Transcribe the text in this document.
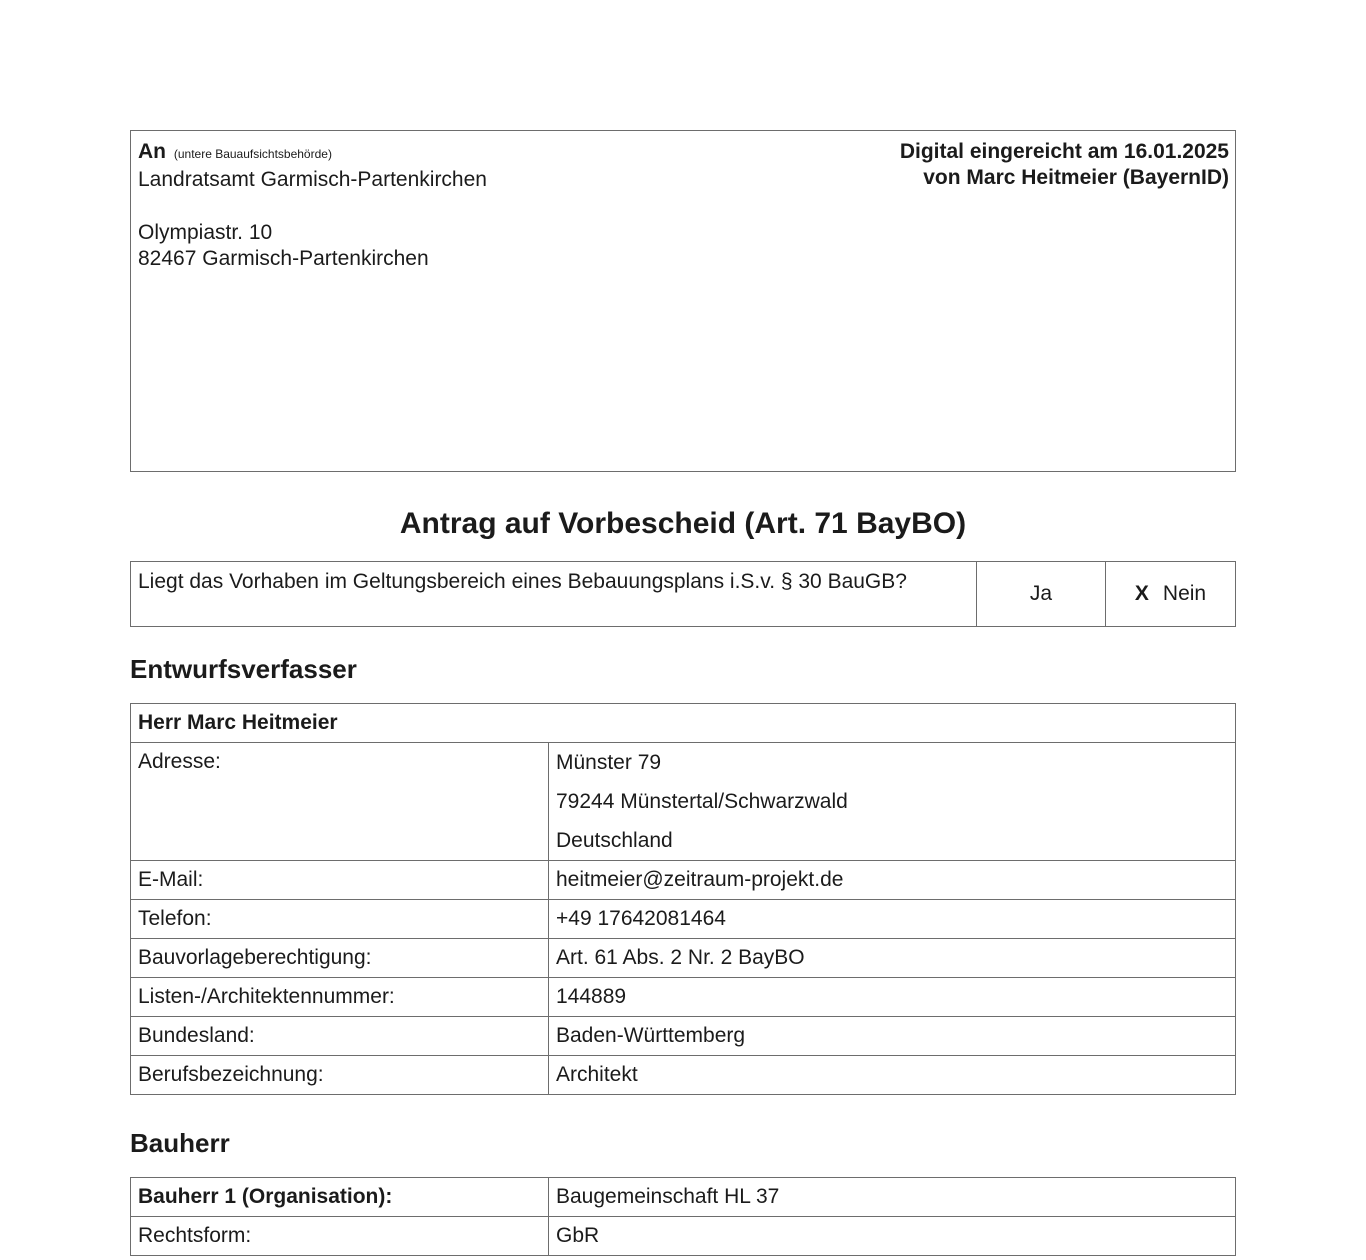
An (untere Bauaufsichtsbehörde)
Landratsamt Garmisch-Partenkirchen
Olympiastr. 10
82467 Garmisch-Partenkirchen
Digital eingereicht am 16.01.2025
von Marc Heitmeier (BayernID)
Antrag auf Vorbescheid (Art. 71 BayBO)
Liegt das Vorhaben im Geltungsbereich eines Bebauungsplans i.S.v. § 30 BauGB?
Ja	X Nein
Entwurfsverfasser
Herr Marc Heitmeier	
Adresse:	Münster 79
79244 Münstertal/Schwarzwald
Deutschland

E-Mail:	heitmeier@zeitraum-projekt.de
Telefon:	+49 17642081464
Bauvorlageberechtigung:	Art. 61 Abs. 2 Nr. 2 BayBO
Listen-/Architektennummer:	144889
Bundesland:	Baden-Württemberg
Berufsbezeichnung:	Architekt
Bauherr
Bauherr 1 (Organisation):	Baugemeinschaft HL 37
Rechtsform:	GbR
